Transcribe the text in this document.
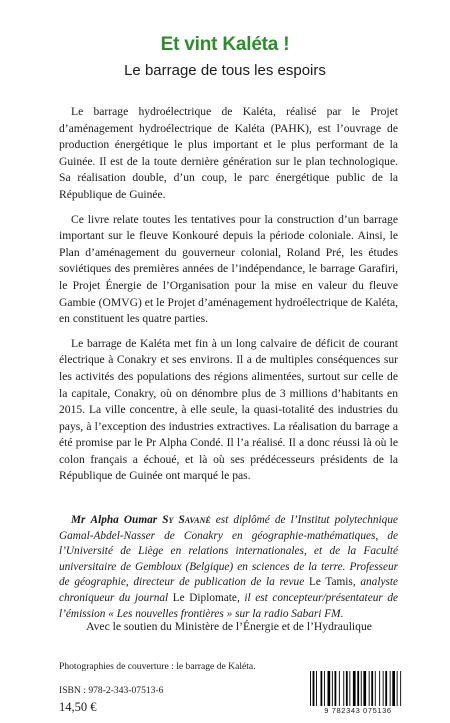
Et vint Kaléta !
Le barrage de tous les espoirs

Le barrage hydroélectrique de Kaléta, réalisé par le Projet d’aménagement hydroélectrique de Kaléta (PAHK), est l’ouvrage de production énergétique le plus important et le plus performant de la Guinée. Il est de la toute dernière génération sur le plan technologique. Sa réalisation double, d’un coup, le parc énergétique public de la République de Guinée.

Ce livre relate toutes les tentatives pour la construction d’un barrage important sur le fleuve Konkouré depuis la période coloniale. Ainsi, le Plan d’aménagement du gouverneur colonial, Roland Pré, les études soviétiques des premières années de l’indépendance, le barrage Garafiri, le Projet Énergie de l’Organisation pour la mise en valeur du fleuve Gambie (OMVG) et le Projet d’aménagement hydroélectrique de Kaléta, en constituent les quatre parties.

Le barrage de Kaléta met fin à un long calvaire de déficit de courant électrique à Conakry et ses environs. Il a de multiples conséquences sur les activités des populations des régions alimentées, surtout sur celle de la capitale, Conakry, où on dénombre plus de 3 millions d’habitants en 2015. La ville concentre, à elle seule, la quasi-totalité des industries du pays, à l’exception des industries extractives. La réalisation du barrage a été promise par le Pr Alpha Condé. Il l’a réalisé. Il a donc réussi là où le colon français a échoué, et là où ses prédécesseurs présidents de la République de Guinée ont marqué le pas.

Mr Alpha Oumar Sy Savané est diplômé de l’Institut polytechnique Gamal-Abdel-Nasser de Conakry en géographie-mathématiques, de l’Université de Liège en relations internationales, et de la Faculté universitaire de Gembloux (Belgique) en sciences de la terre. Professeur de géographie, directeur de publication de la revue Le Tamis, analyste chroniqueur du journal Le Diplomate, il est concepteur/présentateur de l’émission « Les nouvelles frontières » sur la radio Sabari FM.

Avec le soutien du Ministère de l’Énergie et de l’Hydraulique
Photographies de couverture : le barrage de Kaléta.
ISBN : 978-2-343-07513-6
14,50 €	9 782343 075136
